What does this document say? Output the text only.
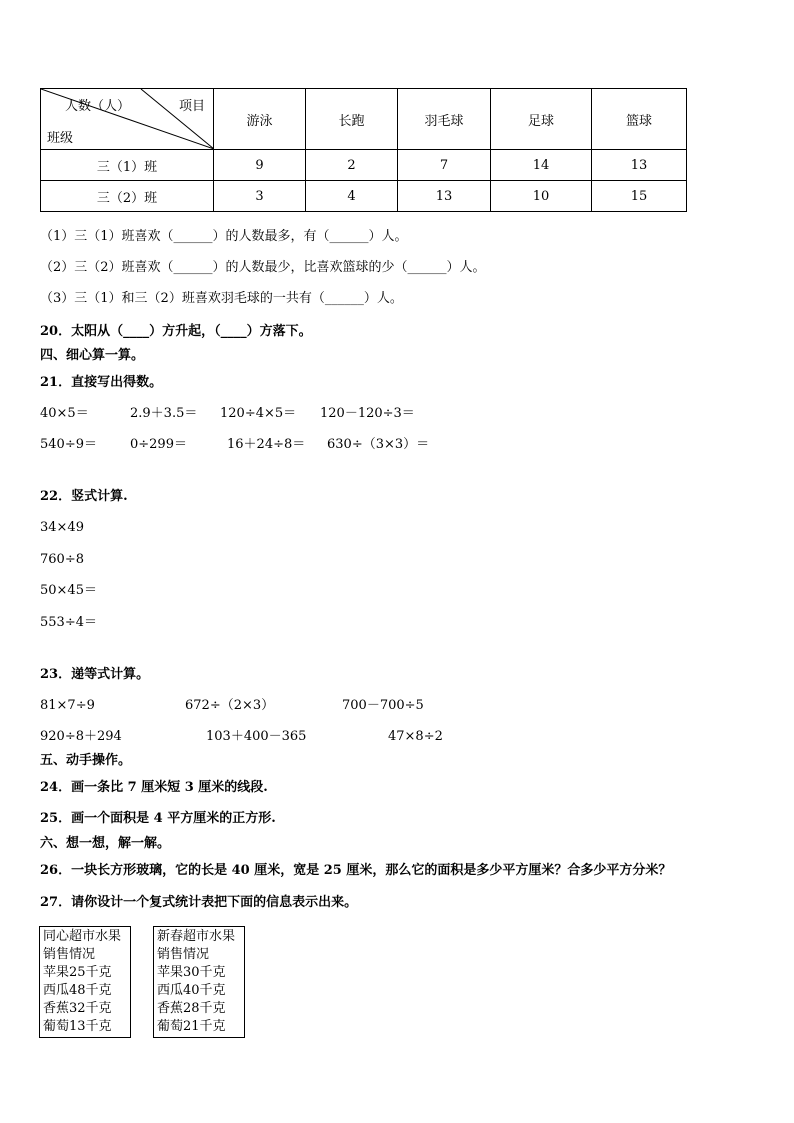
人数（人） 项目
班级	游泳	长跑	羽毛球	足球	篮球
三（1）班	9	2	7	14	13
三（2）班	3	4	13	10	15
（1）三（1）班喜欢（______）的人数最多，有（______）人。
（2）三（2）班喜欢（______）的人数最少，比喜欢篮球的少（______）人。
（3）三（1）和三（2）班喜欢羽毛球的一共有（______）人。
20．太阳从（____）方升起，（____）方落下。
四、细心算一算。
21．直接写出得数。
40×5＝	2.9＋3.5＝ 120÷4×5＝ 120－120÷3＝
540÷9＝	0÷299＝	16＋24÷8＝ 630÷（3×3）＝
22．竖式计算.
34×49
760÷8
50×45＝
553÷4＝
23．递等式计算。
81×7÷9	672÷（2×3）	700－700÷5
920÷8＋294	103＋400－365	47×8÷2
五、动手操作。
24．画一条比 7 厘米短 3 厘米的线段.
25．画一个面积是 4 平方厘米的正方形.
六、想一想，解一解。
26．一块长方形玻璃，它的长是 40 厘米，宽是 25 厘米，那么它的面积是多少平方厘米？合多少平方分米？
27．请你设计一个复式统计表把下面的信息表示出来。
同心超市水果
销售情况
苹果25千克
西瓜48千克
香蕉32千克
葡萄13千克
新春超市水果
销售情况
苹果30千克
西瓜40千克
香蕉28千克
葡萄21千克
